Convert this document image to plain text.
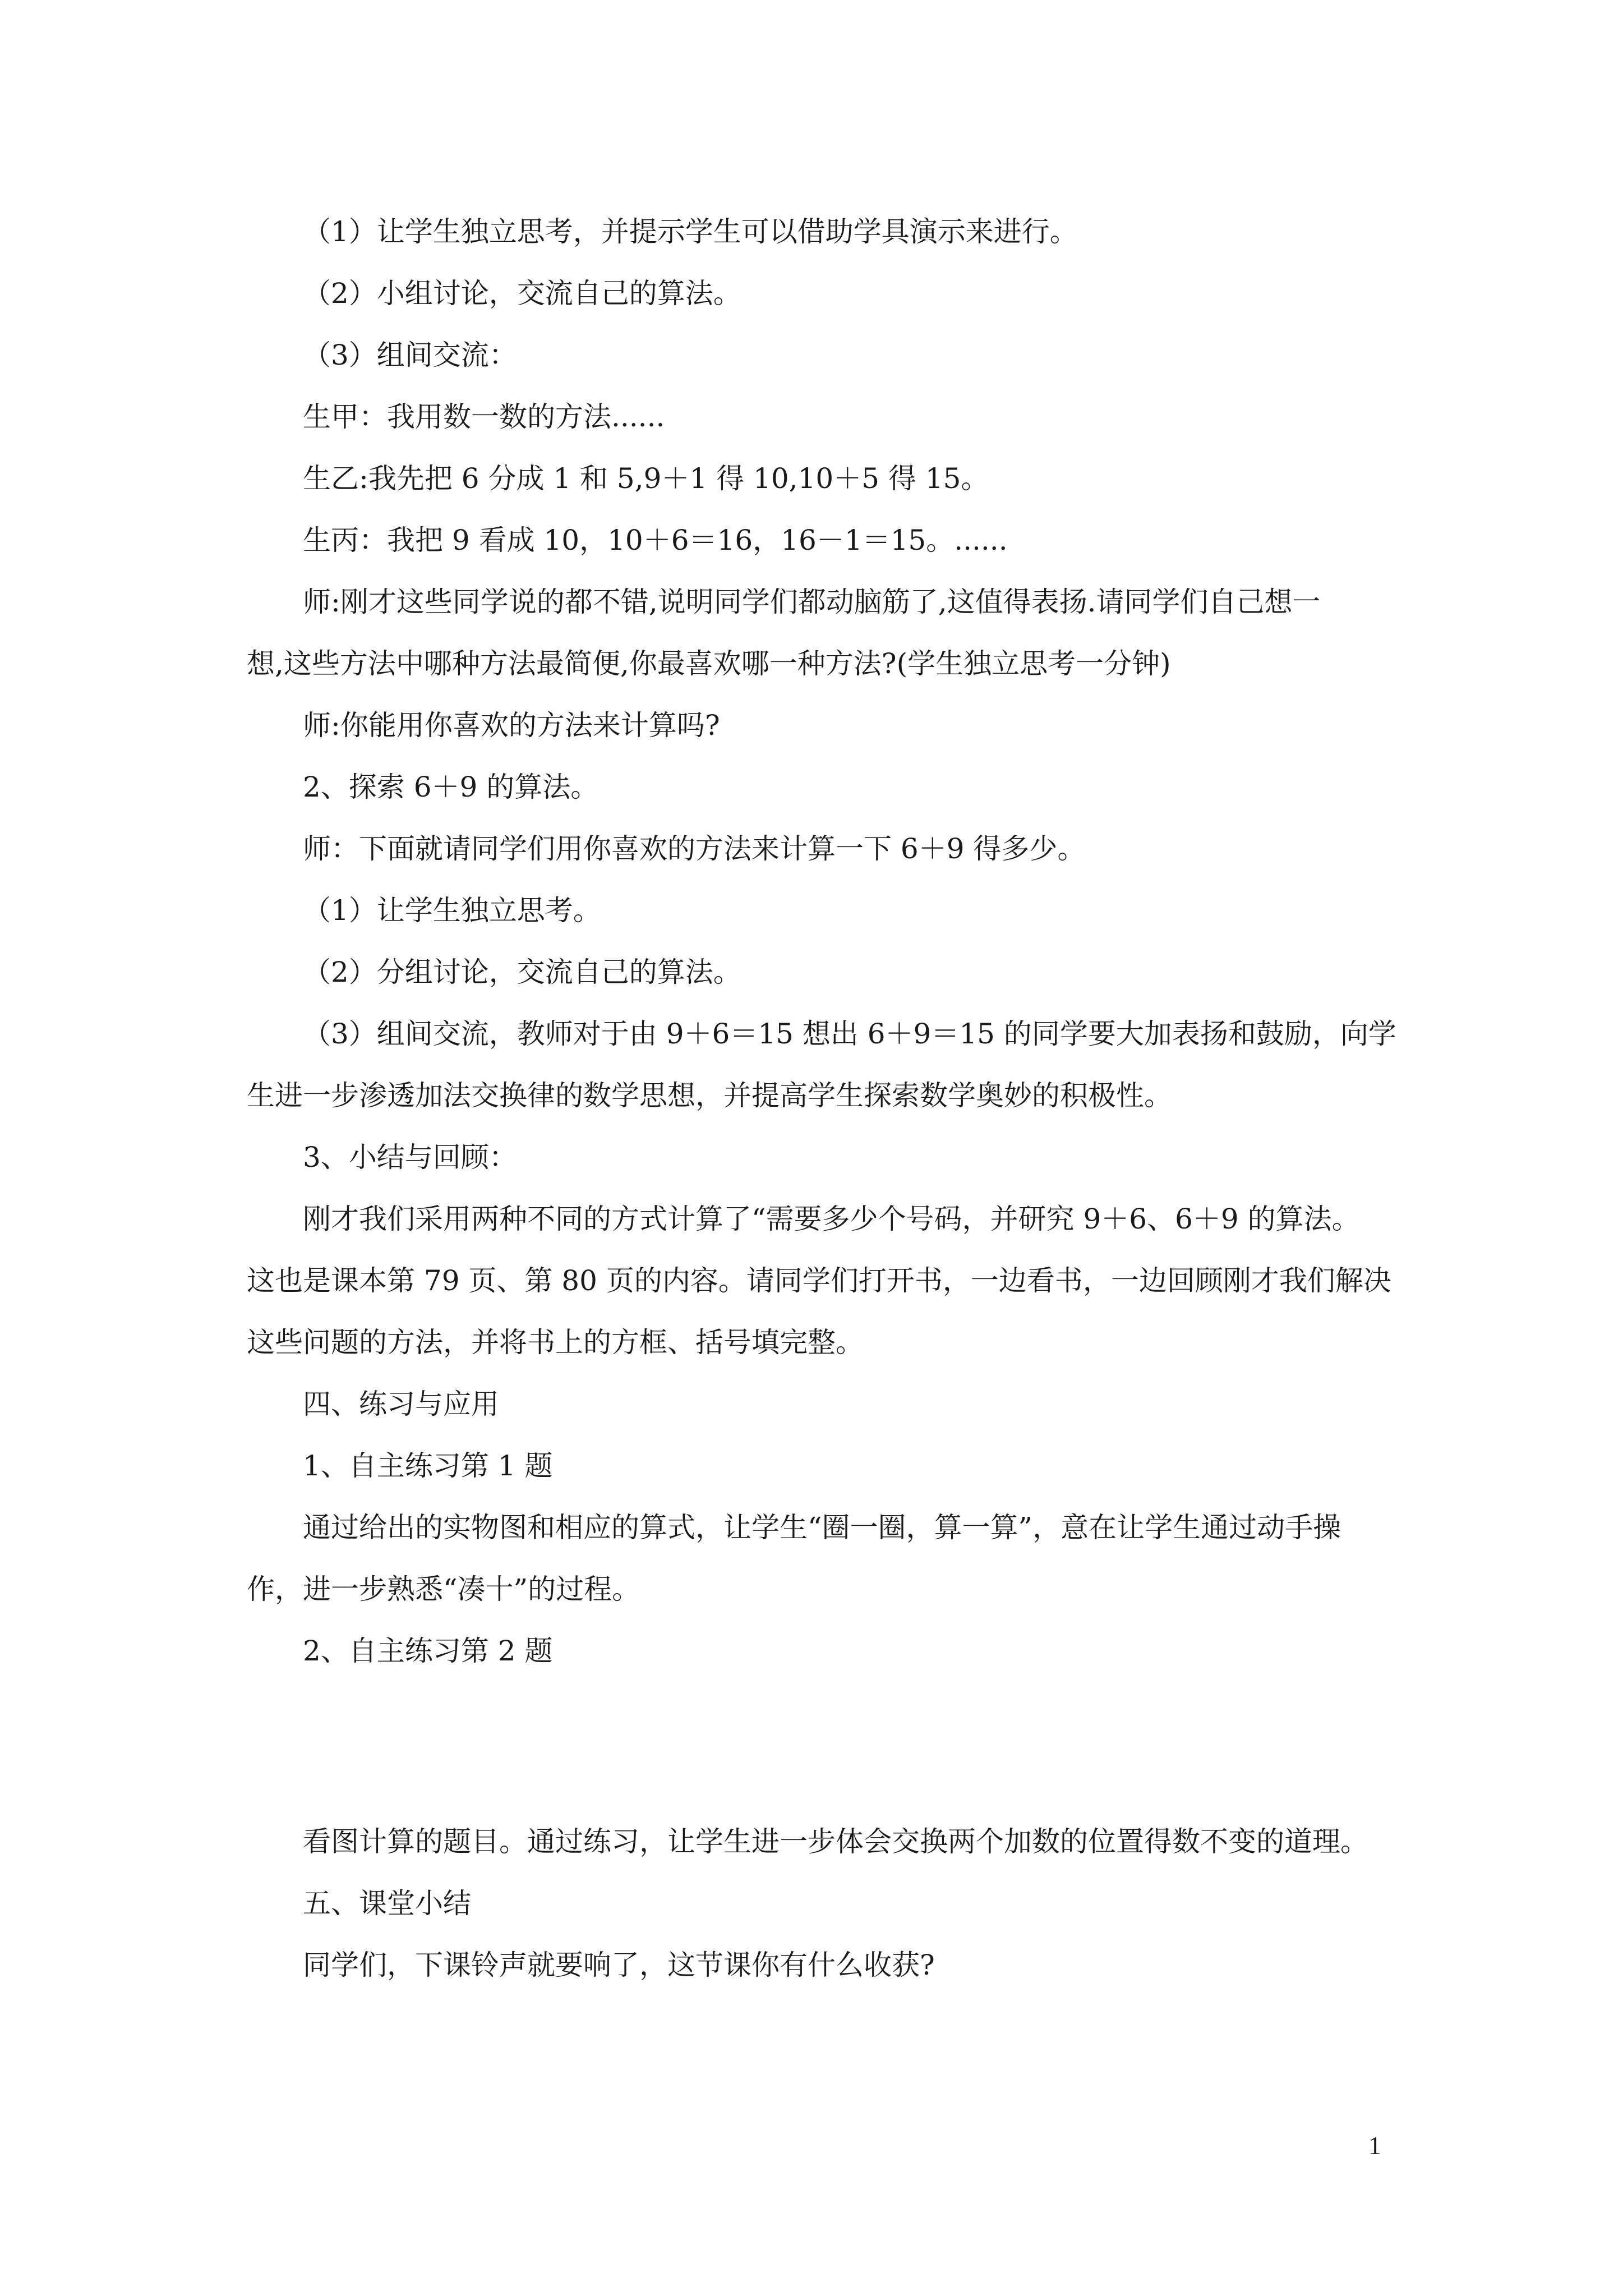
（1）让学生独立思考，并提示学生可以借助学具演示来进行。
（2）小组讨论，交流自己的算法。
（3）组间交流：
生甲：我用数一数的方法......
生乙:我先把 6 分成 1 和 5,9＋1 得 10,10＋5 得 15。
生丙：我把 9 看成 10，10＋6＝16，16－1＝15。......
师:刚才这些同学说的都不错,说明同学们都动脑筋了,这值得表扬.请同学们自己想一
想,这些方法中哪种方法最简便,你最喜欢哪一种方法?(学生独立思考一分钟)
师:你能用你喜欢的方法来计算吗?
2、探索 6＋9 的算法。
师：下面就请同学们用你喜欢的方法来计算一下 6＋9 得多少。
（1）让学生独立思考。
（2）分组讨论，交流自己的算法。
（3）组间交流，教师对于由 9＋6＝15 想出 6＋9＝15 的同学要大加表扬和鼓励，向学
生进一步渗透加法交换律的数学思想，并提高学生探索数学奥妙的积极性。
3、小结与回顾：
刚才我们采用两种不同的方式计算了“需要多少个号码，并研究 9＋6、6＋9 的算法。
这也是课本第 79 页、第 80 页的内容。请同学们打开书，一边看书，一边回顾刚才我们解决
这些问题的方法，并将书上的方框、括号填完整。
四、练习与应用
1、自主练习第 1 题
通过给出的实物图和相应的算式，让学生“圈一圈，算一算”，意在让学生通过动手操
作，进一步熟悉“凑十”的过程。
2、自主练习第 2 题
看图计算的题目。通过练习，让学生进一步体会交换两个加数的位置得数不变的道理。
五、课堂小结
同学们，下课铃声就要响了，这节课你有什么收获?
1
